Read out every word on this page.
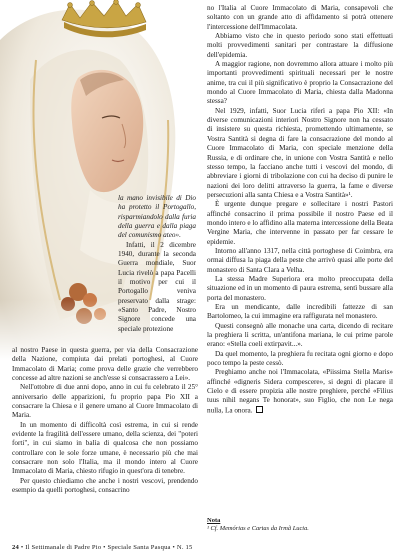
la mano invisibile di Dio ha protetto il Portogallo, risparmiandolo dalla furia della guerra e dalla piaga del comunismo ateo».

Infatti, il 2 dicembre 1940, durante la seconda Guerra mondiale, Suor Lucia rivelò a papa Pacelli il motivo per cui il Portogallo veniva preservato dalla strage: «Santo Padre, Nostro Signore concede una speciale protezione

al nostro Paese in questa guerra, per via della Consacrazione della Nazione, compiuta dai prelati portoghesi, al Cuore Immacolato di Maria; come prova delle grazie che verrebbero concesse ad altre nazioni se anch'esse si consacrassero a Lei».

Nell'ottobre di due anni dopo, anno in cui fu celebrato il 25° anniversario delle apparizioni, fu proprio papa Pio XII a consacrare la Chiesa e il genere umano al Cuore Immacolato di Maria.

In un momento di difficoltà così estrema, in cui si rende evidente la fragilità dell'essere umano, della scienza, dei "poteri forti", in cui siamo in balìa di qualcosa che non possiamo controllare con le sole forze umane, è necessario più che mai consacrare non solo l'Italia, ma il mondo intero al Cuore Immacolato di Maria, chiesto rifugio in quest'ora di tenebre.

Per questo chiediamo che anche i nostri vescovi, prendendo esempio da quelli portoghesi, consacrino

no l'Italia al Cuore Immacolato di Maria, consapevoli che soltanto con un grande atto di affidamento si potrà ottenere l'intercessione dell'Immacolata.

Abbiamo visto che in questo periodo sono stati effettuati molti provvedimenti sanitari per contrastare la diffusione dell'epidemia.

A maggior ragione, non dovremmo allora attuare i molto più importanti provvedimenti spirituali necessari per le nostre anime, tra cui il più significativo è proprio la Consacrazione del mondo al Cuore Immacolato di Maria, chiesta dalla Madonna stessa?

Nel 1929, infatti, Suor Lucia riferì a papa Pio XII: «In diverse comunicazioni interiori Nostro Signore non ha cessato di insistere su questa richiesta, promettendo ultimamente, se Vostra Santità si degna di fare la consacrazione del mondo al Cuore Immacolato di Maria, con speciale menzione della Russia, e di ordinare che, in unione con Vostra Santità e nello stesso tempo, la facciano anche tutti i vescovi del mondo, di abbreviare i giorni di tribolazione con cui ha deciso di punire le nazioni dei loro delitti attraverso la guerra, la fame e diverse persecuzioni alla santa Chiesa e a Vostra Santità»¹.

È urgente dunque pregare e sollecitare i nostri Pastori affinché consacrino il prima possibile il nostro Paese ed il mondo intero e lo affidino alla materna intercessione della Beata Vergine Maria, che intervenne in passato per far cessare le epidemie.

Intorno all'anno 1317, nella città portoghese di Coimbra, era ormai diffusa la piaga della peste che arrivò quasi alle porte del monastero di Santa Clara a Velha.

La stessa Madre Superiora era molto preoccupata della situazione ed in un momento di paura estrema, sentì bussare alla porta del monastero.

Era un mendicante, dalle incredibili fattezze di san Bartolomeo, la cui immagine era raffigurata nel monastero.

Questi consegnò alle monache una carta, dicendo di recitare la preghiera lì scritta, un'antifona mariana, le cui prime parole erano: «Stella coeli extirpavit...».

Da quel momento, la preghiera fu recitata ogni giorno e dopo poco tempo la peste cessò.

Preghiamo anche noi l'Immacolata, «Piissima Stella Maris» affinché «digneris Sidera compescere», si degni di placare il Cielo e di essere propizia alle nostre preghiere, perché «Filius tuus nihil negans Te honorat», suo Figlio, che non Le nega nulla, La onora.

Nota
¹ Cf. Memórias e Cartas da Irmã Lucia.
24 • Il Settimanale di Padre Pio • Speciale Santa Pasqua • N. 15
